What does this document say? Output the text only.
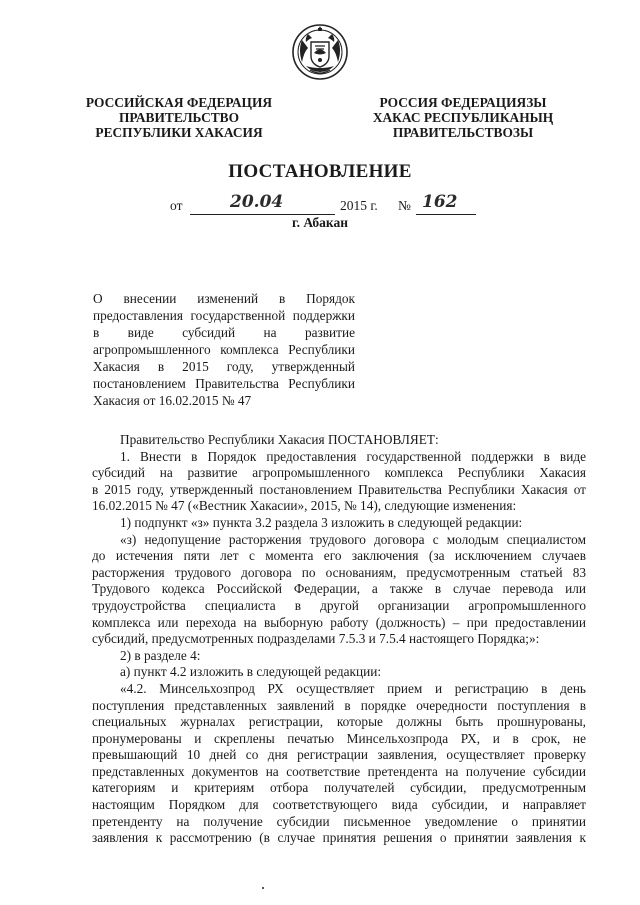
РОССИЙСКАЯ ФЕДЕРАЦИЯ
ПРАВИТЕЛЬСТВО
РЕСПУБЛИКИ ХАКАСИЯ
РОССИЯ ФЕДЕРАЦИЯЗЫ
ХАКАС РЕСПУБЛИКАНЫҢ
ПРАВИТЕЛЬСТВОЗЫ
ПОСТАНОВЛЕНИЕ
от	20.04	2015 г. № 162
г. Абакан
О внесении изменений в Порядок
предоставления государственной поддержки
в виде субсидий на развитие
агропромышленного комплекса Республики
Хакасия в 2015 году, утвержденный
постановлением Правительства Республики
Хакасия от 16.02.2015 № 47
Правительство Республики Хакасия ПОСТАНОВЛЯЕТ:
1. Внести в Порядок предоставления государственной поддержки в виде
субсидий на развитие агропромышленного комплекса Республики Хакасия
в 2015 году, утвержденный постановлением Правительства Республики Хакасия от
16.02.2015 № 47 («Вестник Хакасии», 2015, № 14), следующие изменения:
1) подпункт «з» пункта 3.2 раздела 3 изложить в следующей редакции:
«з) недопущение расторжения трудового договора с молодым специалистом
до истечения пяти лет с момента его заключения (за исключением случаев
расторжения трудового договора по основаниям, предусмотренным статьей 83
Трудового кодекса Российской Федерации, а также в случае перевода или
трудоустройства специалиста в другой организации агропромышленного
комплекса или перехода на выборную работу (должность) – при предоставлении
субсидий, предусмотренных подразделами 7.5.3 и 7.5.4 настоящего Порядка;»:
2) в разделе 4:
а) пункт 4.2 изложить в следующей редакции:
«4.2. Минсельхозпрод РХ осуществляет прием и регистрацию в день
поступления представленных заявлений в порядке очередности поступления в
специальных журналах регистрации, которые должны быть прошнурованы,
пронумерованы и скреплены печатью Минсельхозпрода РХ, и в срок, не
превышающий 10 дней со дня регистрации заявления, осуществляет проверку
представленных документов на соответствие претендента на получение субсидии
категориям и критериям отбора получателей субсидии, предусмотренным
настоящим Порядком для соответствующего вида субсидии, и направляет
претенденту на получение субсидии письменное уведомление о принятии
заявления к рассмотрению (в случае принятия решения о принятии заявления к
